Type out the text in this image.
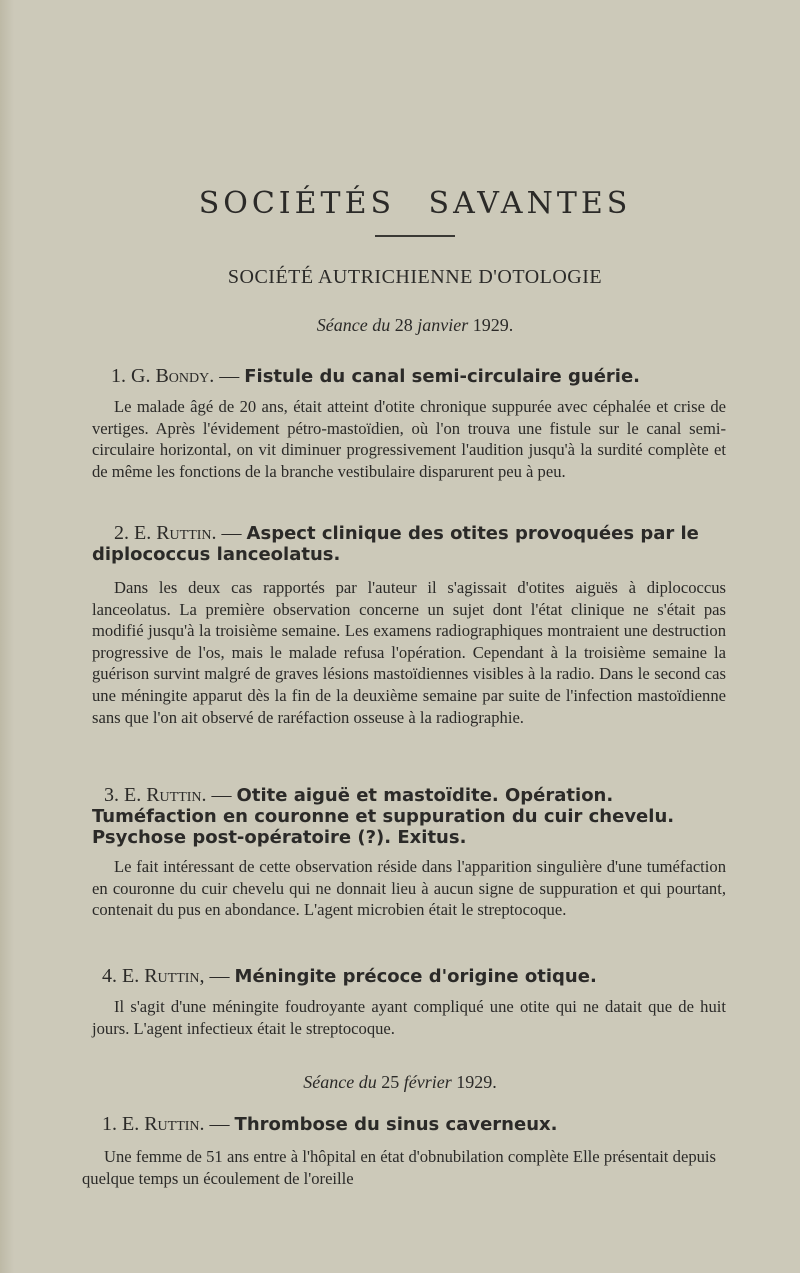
SOCIÉTÉS SAVANTES
SOCIÉTÉ AUTRICHIENNE D'OTOLOGIE
Séance du 28 janvier 1929.
1. G. Bondy. — Fistule du canal semi-circulaire guérie.

Le malade âgé de 20 ans, était atteint d'otite chronique suppurée avec céphalée et crise de vertiges. Après l'évidement pétro-mastoïdien, où l'on trouva une fistule sur le canal semi-circulaire horizontal, on vit diminuer progressivement l'audition jusqu'à la surdité complète et de même les fonctions de la branche vestibulaire disparurent peu à peu.

2. E. Ruttin. — Aspect clinique des otites provoquées par le diplococcus lanceolatus.

Dans les deux cas rapportés par l'auteur il s'agissait d'otites aiguës à diplococcus lanceolatus. La première observation concerne un sujet dont l'état clinique ne s'était pas modifié jusqu'à la troisième semaine. Les examens radiographiques montraient une destruction progressive de l'os, mais le malade refusa l'opération. Cependant à la troisième semaine la guérison survint malgré de graves lésions mastoïdiennes visibles à la radio. Dans le second cas une méningite apparut dès la fin de la deuxième semaine par suite de l'infection mastoïdienne sans que l'on ait observé de raréfaction osseuse à la radiographie.

3. E. Ruttin. — Otite aiguë et mastoïdite. Opération. Tuméfaction en couronne et suppuration du cuir chevelu. Psychose post-opératoire (?). Exitus.

Le fait intéressant de cette observation réside dans l'apparition singulière d'une tuméfaction en couronne du cuir chevelu qui ne donnait lieu à aucun signe de suppuration et qui pourtant, contenait du pus en abondance. L'agent microbien était le streptocoque.

4. E. Ruttin, — Méningite précoce d'origine otique.

Il s'agit d'une méningite foudroyante ayant compliqué une otite qui ne datait que de huit jours. L'agent infectieux était le streptocoque.

Séance du 25 février 1929.
1. E. Ruttin. — Thrombose du sinus caverneux.

Une femme de 51 ans entre à l'hôpital en état d'obnubilation complète Elle présentait depuis quelque temps un écoulement de l'oreille
